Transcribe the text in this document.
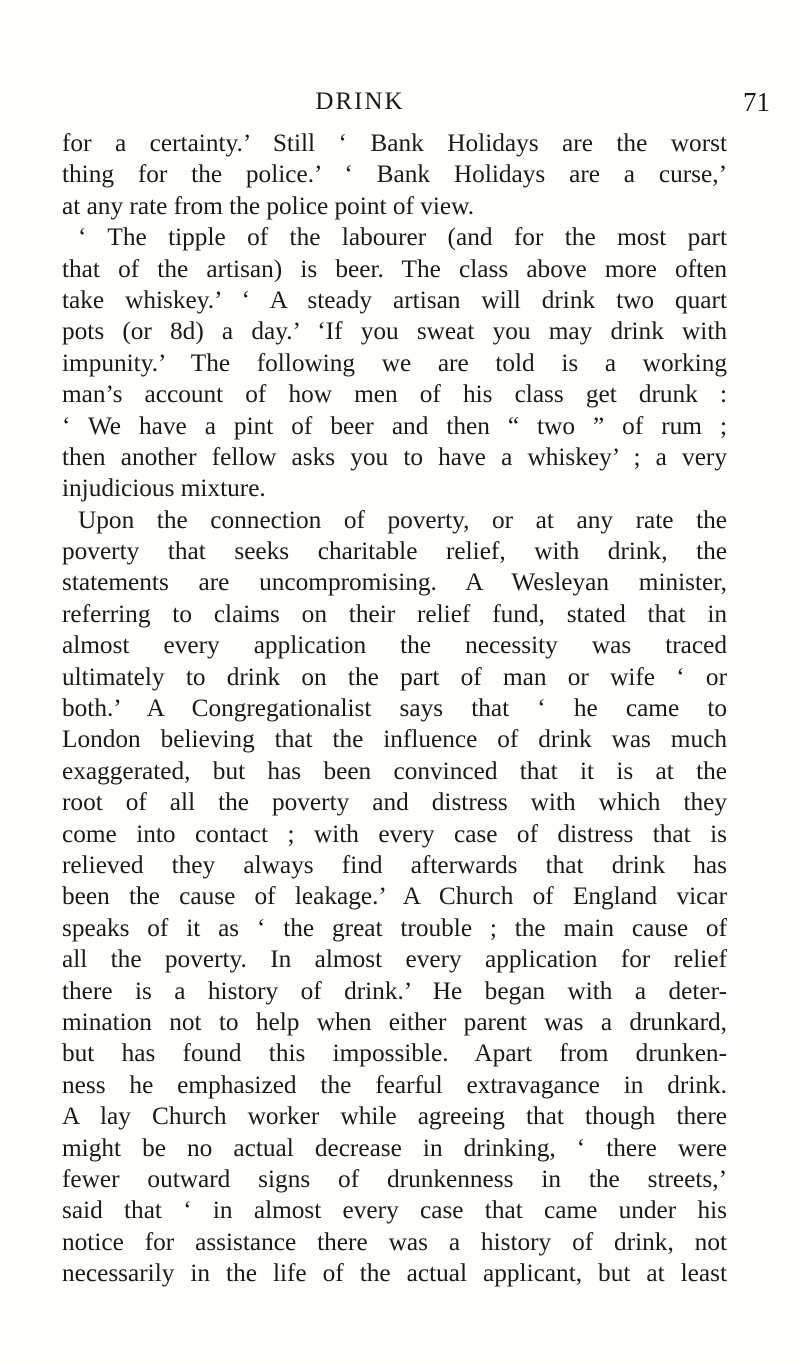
DRINK	71
for a certainty.’ Still ‘ Bank Holidays are the worst
thing for the police.’ ‘ Bank Holidays are a curse,’
at any rate from the police point of view.
‘ The tipple of the labourer (and for the most part
that of the artisan) is beer. The class above more often
take whiskey.’ ‘ A steady artisan will drink two quart
pots (or 8d) a day.’ ‘If you sweat you may drink with
impunity.’ The following we are told is a working
man’s account of how men of his class get drunk :
‘ We have a pint of beer and then “ two ” of rum ;
then another fellow asks you to have a whiskey’ ; a very
injudicious mixture.
Upon the connection of poverty, or at any rate the
poverty that seeks charitable relief, with drink, the
statements are uncompromising. A Wesleyan minister,
referring to claims on their relief fund, stated that in
almost every application the necessity was traced
ultimately to drink on the part of man or wife ‘ or
both.’ A Congregationalist says that ‘ he came to
London believing that the influence of drink was much
exaggerated, but has been convinced that it is at the
root of all the poverty and distress with which they
come into contact ; with every case of distress that is
relieved they always find afterwards that drink has
been the cause of leakage.’ A Church of England vicar
speaks of it as ‘ the great trouble ; the main cause of
all the poverty. In almost every application for relief
there is a history of drink.’ He began with a deter-
mination not to help when either parent was a drunkard,
but has found this impossible. Apart from drunken-
ness he emphasized the fearful extravagance in drink.
A lay Church worker while agreeing that though there
might be no actual decrease in drinking, ‘ there were
fewer outward signs of drunkenness in the streets,’
said that ‘ in almost every case that came under his
notice for assistance there was a history of drink, not
necessarily in the life of the actual applicant, but at least
